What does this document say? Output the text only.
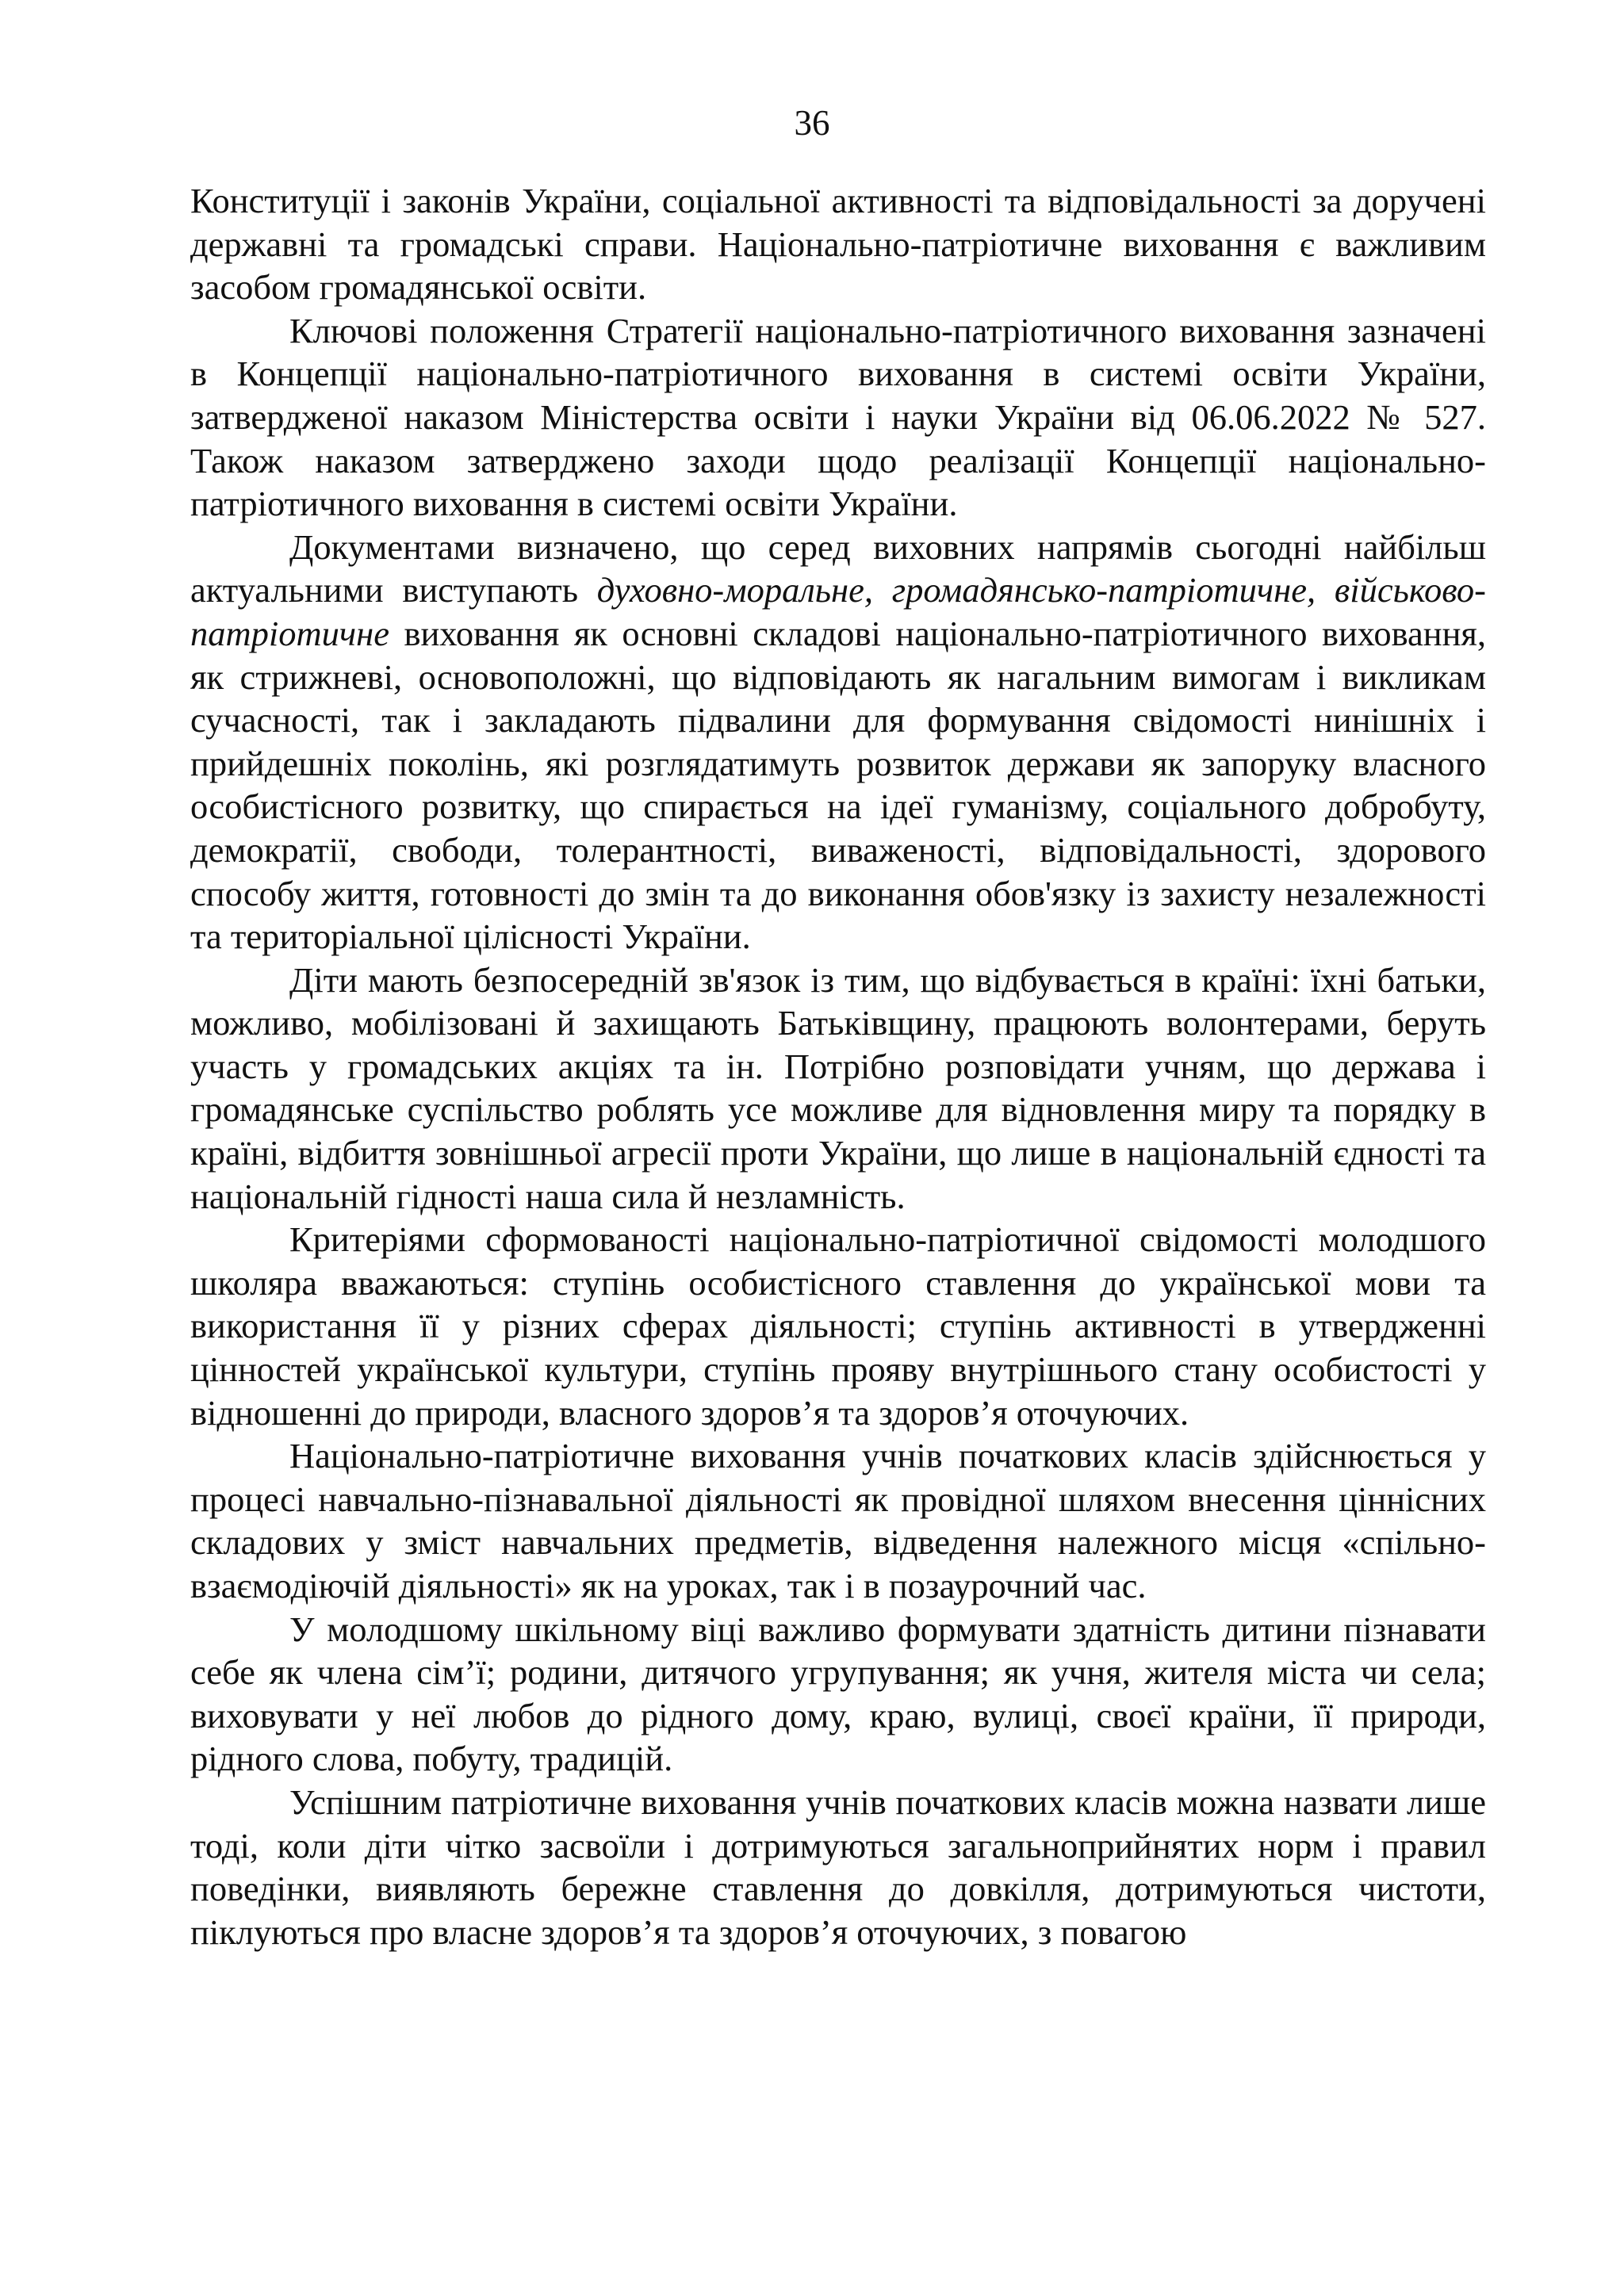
36

Конституції і законів України, соціальної активності та відповідальності за доручені державні та громадські справи. Національно-патріотичне виховання є важливим засобом громадянської освіти.

Ключові положення Стратегії національно-патріотичного виховання зазначені в Концепції національно-патріотичного виховання в системі освіти України, затвердженої наказом Міністерства освіти і науки України від 06.06.2022 № 527. Також наказом затверджено заходи щодо реалізації Концепції національно-патріотичного виховання в системі освіти України.

Документами визначено, що серед виховних напрямів сьогодні найбільш актуальними виступають духовно-моральне, громадянсько-патріотичне, військово-патріотичне виховання як основні складові національно-патріотичного виховання, як стрижневі, основоположні, що відповідають як нагальним вимогам і викликам сучасності, так і закладають підвалини для формування свідомості нинішніх і прийдешніх поколінь, які розглядатимуть розвиток держави як запоруку власного особистісного розвитку, що спирається на ідеї гуманізму, соціального добробуту, демократії, свободи, толерантності, виваженості, відповідальності, здорового способу життя, готовності до змін та до виконання обов'язку із захисту незалежності та територіальної цілісності України.

Діти мають безпосередній зв'язок із тим, що відбувається в країні: їхні батьки, можливо, мобілізовані й захищають Батьківщину, працюють волонтерами, беруть участь у громадських акціях та ін. Потрібно розповідати учням, що держава і громадянське суспільство роблять усе можливе для відновлення миру та порядку в країні, відбиття зовнішньої агресії проти України, що лише в національній єдності та національній гідності наша сила й незламність.

Критеріями сформованості національно-патріотичної свідомості молодшого школяра вважаються: ступінь особистісного ставлення до української мови та використання її у різних сферах діяльності; ступінь активності в утвердженні цінностей української культури, ступінь прояву внутрішнього стану особистості у відношенні до природи, власного здоров’я та здоров’я оточуючих.

Національно-патріотичне виховання учнів початкових класів здійснюється у процесі навчально-пізнавальної діяльності як провідної шляхом внесення ціннісних складових у зміст навчальних предметів, відведення належного місця «спільно-взаємодіючій діяльності» як на уроках, так і в позаурочний час.

У молодшому шкільному віці важливо формувати здатність дитини пізнавати себе як члена сім’ї; родини, дитячого угрупування; як учня, жителя міста чи села; виховувати у неї любов до рідного дому, краю, вулиці, своєї країни, її природи, рідного слова, побуту, традицій.

Успішним патріотичне виховання учнів початкових класів можна назвати лише тоді, коли діти чітко засвоїли і дотримуються загальноприйнятих норм і правил поведінки, виявляють бережне ставлення до довкілля, дотримуються чистоти, піклуються про власне здоров’я та здоров’я оточуючих, з повагою
